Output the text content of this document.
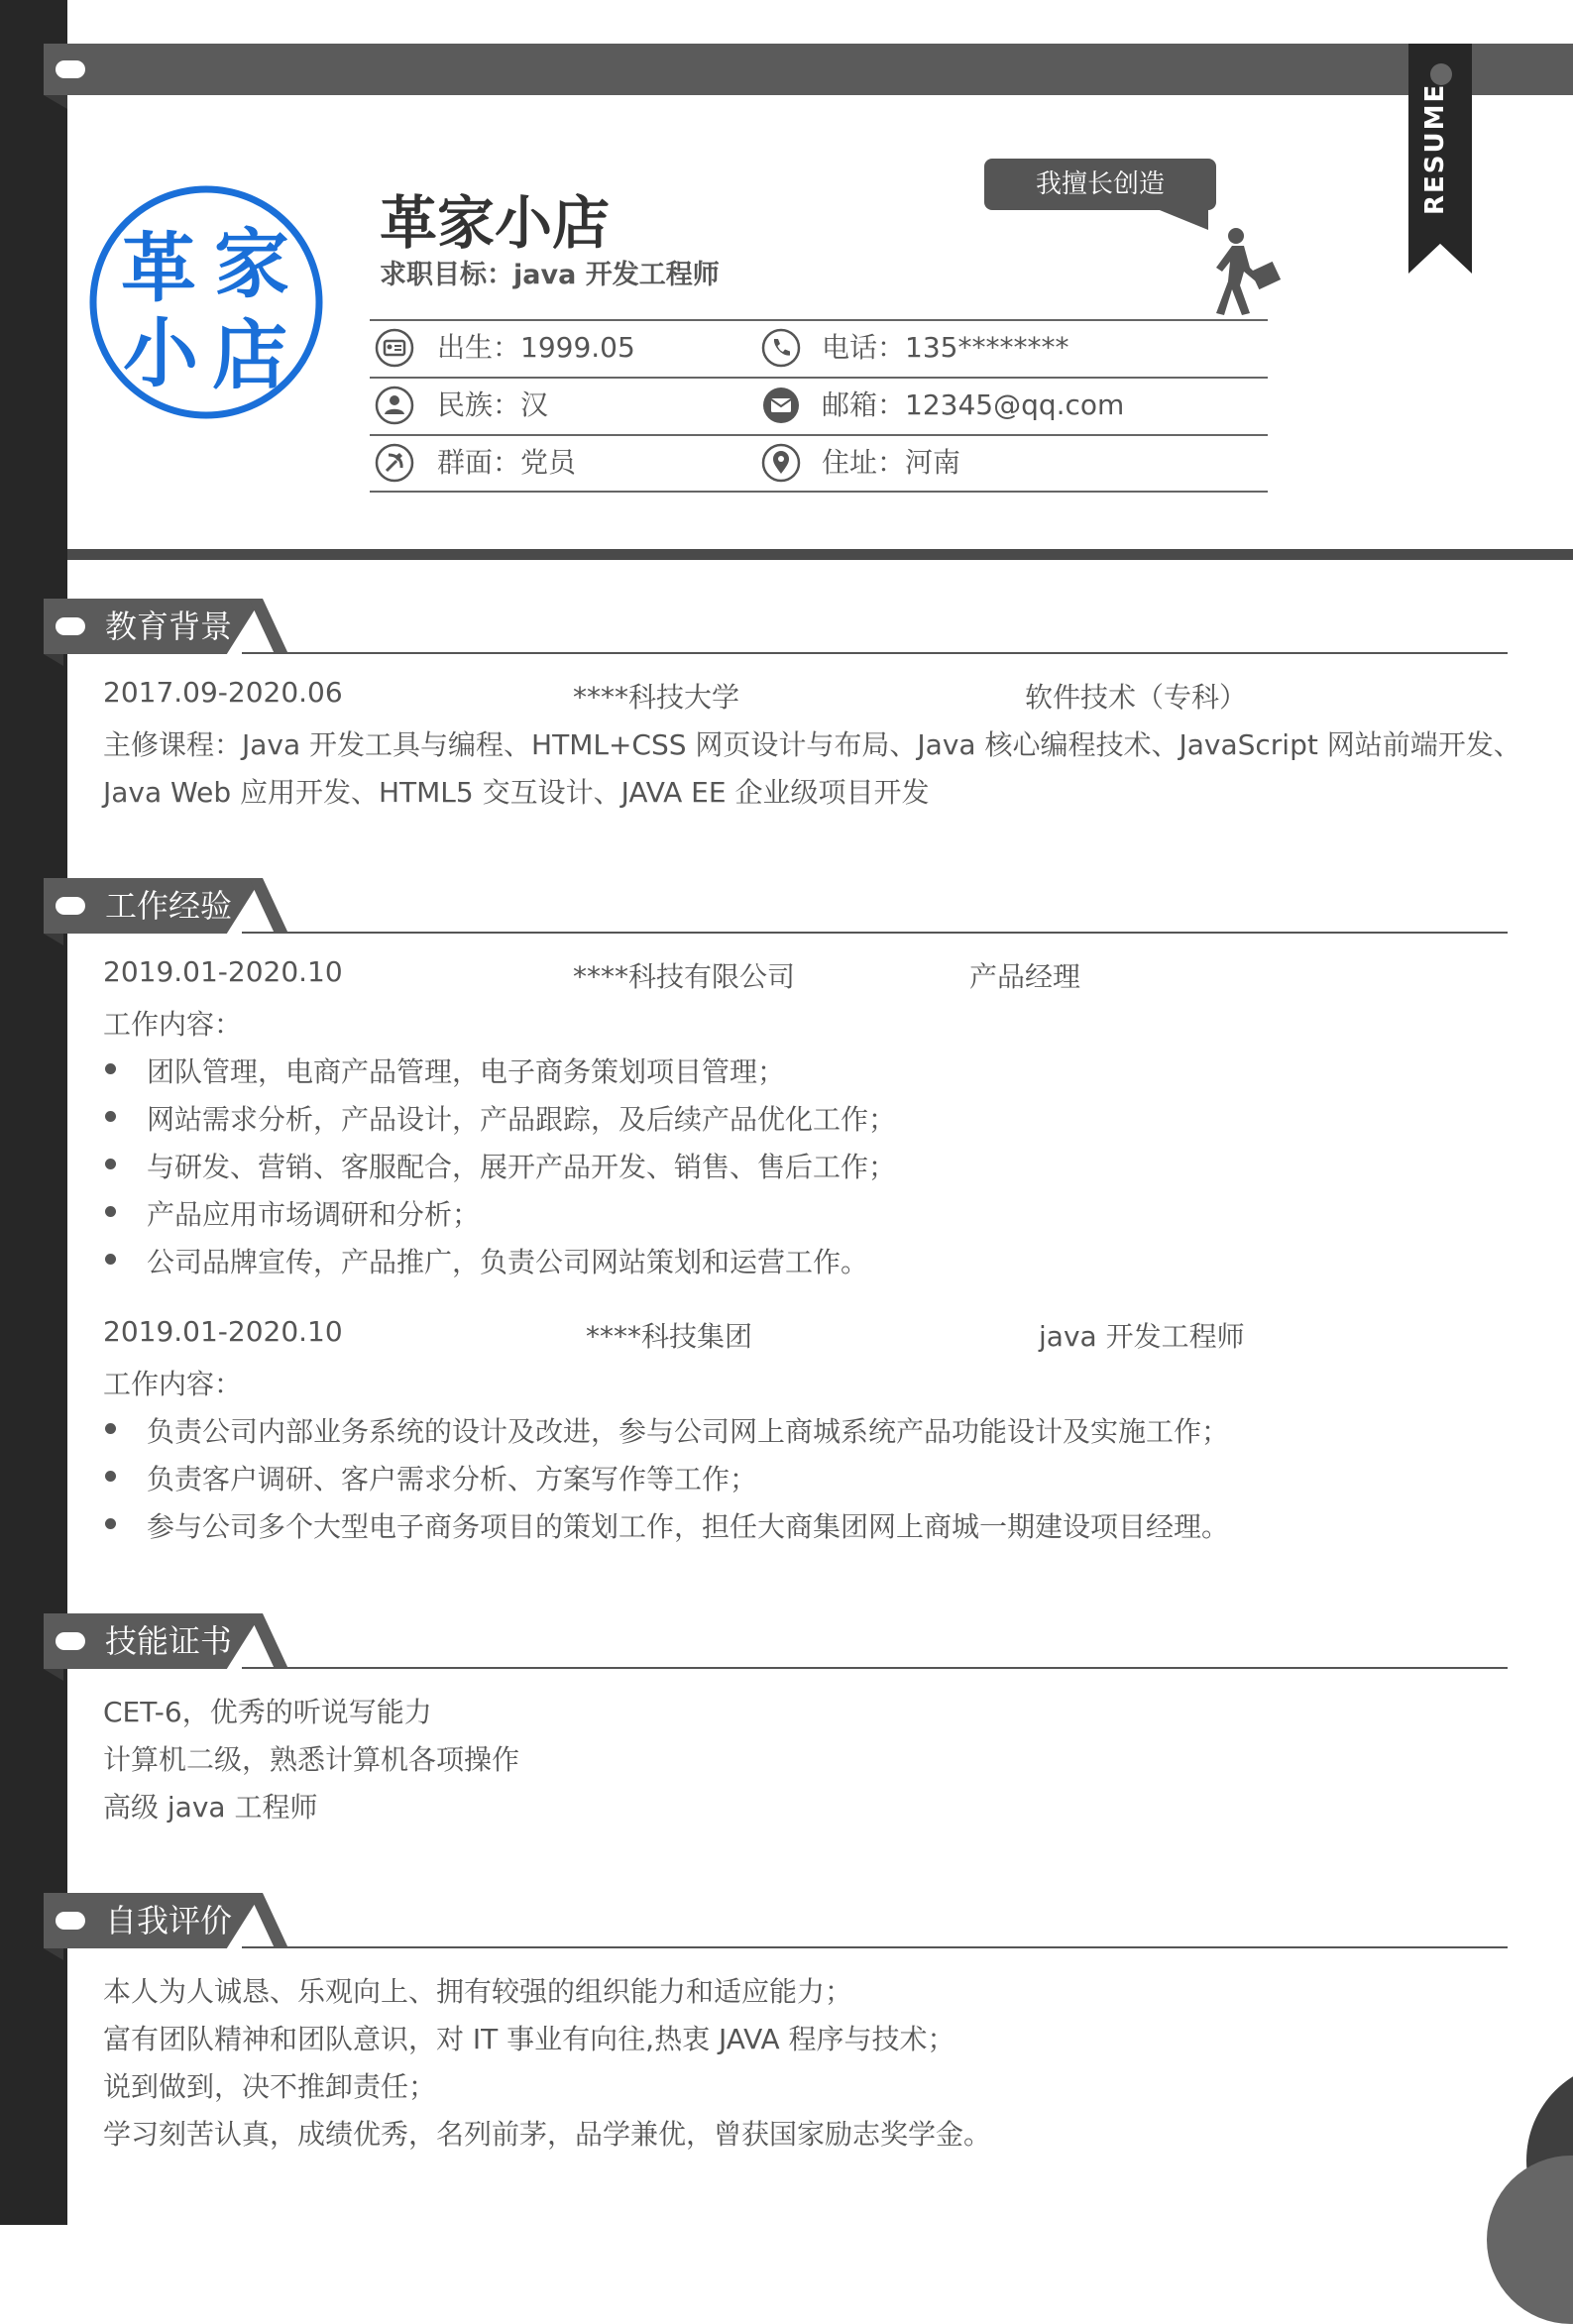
RESUME
革 家
小 店
革家小店
求职目标：java 开发工程师
我擅长创造
出生：1999.05	电话：135********
民族：汉	邮箱：12345@qq.com
群面：党员	住址：河南
教育背景
2017.09-2020.06	****科技大学	软件技术（专科）
主修课程：Java 开发工具与编程、HTML+CSS 网页设计与布局、Java 核心编程技术、JavaScript 网站前端开发、
Java Web 应用开发、HTML5 交互设计、JAVA EE 企业级项目开发
工作经验
2019.01-2020.10	****科技有限公司	产品经理
工作内容：
团队管理，电商产品管理，电子商务策划项目管理；
网站需求分析，产品设计，产品跟踪，及后续产品优化工作；
与研发、营销、客服配合，展开产品开发、销售、售后工作；
产品应用市场调研和分析；
公司品牌宣传，产品推广，负责公司网站策划和运营工作。
2019.01-2020.10	****科技集团	java 开发工程师
工作内容：
负责公司内部业务系统的设计及改进，参与公司网上商城系统产品功能设计及实施工作；
负责客户调研、客户需求分析、方案写作等工作；
参与公司多个大型电子商务项目的策划工作，担任大商集团网上商城一期建设项目经理。
技能证书
CET-6，优秀的听说写能力
计算机二级，熟悉计算机各项操作
高级 java 工程师
自我评价
本人为人诚恳、乐观向上、拥有较强的组织能力和适应能力；
富有团队精神和团队意识，对 IT 事业有向往,热衷 JAVA 程序与技术；
说到做到，决不推卸责任；
学习刻苦认真，成绩优秀，名列前茅，品学兼优，曾获国家励志奖学金。
